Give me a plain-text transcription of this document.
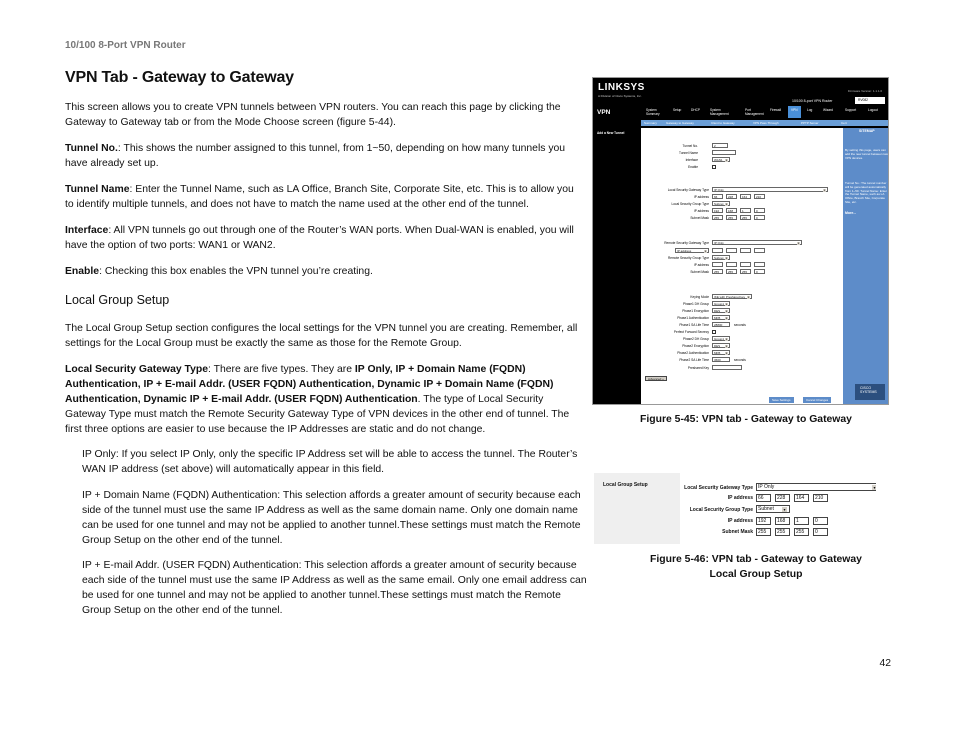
10/100 8-Port VPN Router
VPN Tab - Gateway to Gateway

This screen allows you to create VPN tunnels between VPN routers. You can reach this page by clicking the Gateway to Gateway tab or from the Mode Choose screen (figure 5-44).

Tunnel No.: This shows the number assigned to this tunnel, from 1~50, depending on how many tunnels you have already set up.

Tunnel Name: Enter the Tunnel Name, such as LA Office, Branch Site, Corporate Site, etc. This is to allow you to identify multiple tunnels, and does not have to match the name used at the other end of the tunnel.

Interface: All VPN tunnels go out through one of the Router’s WAN ports. When Dual-WAN is enabled, you will have the option of two ports: WAN1 or WAN2.

Enable: Checking this box enables the VPN tunnel you’re creating.

Local Group Setup

The Local Group Setup section configures the local settings for the VPN tunnel you are creating. Remember, all settings for the Local Group must be exactly the same as those for the Remote Group.

Local Security Gateway Type: There are five types. They are IP Only, IP + Domain Name (FQDN) Authentication, IP + E-mail Addr. (USER FQDN) Authentication, Dynamic IP + Domain Name (FQDN) Authentication, Dynamic IP + E-mail Addr. (USER FQDN) Authentication. The type of Local Security Gateway Type must match the Remote Security Gateway Type of VPN devices in the other end of tunnel. The first three options are easier to use because the IP Addresses are static and do not change.

IP Only: If you select IP Only, only the specific IP Address set will be able to access the tunnel. The Router’s WAN IP address (set above) will automatically appear in this field.

IP + Domain Name (FQDN) Authentication: This selection affords a greater amount of security because each side of the tunnel must use the same IP Address as well as the same domain name. Only one domain name can be used for one tunnel and may not be applied to another tunnel.These settings must match the Remote Group Setup on the other end of the tunnel.

IP + E-mail Addr. (USER FQDN) Authentication: This selection affords a greater amount of security because each side of the tunnel must use the same IP Address as well as the same email. Only one email address can be used for one tunnel and may not be applied to another tunnel.These settings must match the Remote Group Setup on the other end of the tunnel.

LINKSYS
A Division of Cisco Systems, Inc.
Firmware Version: 1.1.1.0
10/100 8-port VPN Router	RV082
VPN	System Summary
Setup	DHCP	System Management
Port Management
Firewall	VPN	Log	Wizard	Support	Logout
Summary	Gateway to Gateway	Client to Gateway	VPN Pass Through	PPTP Server	Cert
Add a New Tunnel	SITEMAP
By setting this page, users can add the new tunnel between two VPN devices.
Tunnel No.: The tunnel number will be generated automatically from 1~50. Tunnel Name: Enter the Tunnel Name, such as LA Office, Branch Site, Corporate Site, etc.
More...
CISCO SYSTEMS
Tunnel No.	2
Tunnel Name
Interface	WAN1	▾
Enable
Local Group Setup
Local Security Gateway Type	IP Only	▾
IP address	66	228	164	210
Local Security Group Type	Subnet ▾
IP address	192	168	1	0
Subnet Mask	255	255	255	0
Remote Group Setup	Remote Security Gateway Type	IP Only	▾
IP address	▾
Remote Security Group Type	Subnet ▾
IP address
Subnet Mask	255	255	255	0
IPSec Setup
Keying Mode	IKE with Preshared key	▾
Phase1 DH Group	Group1 ▾
Phase1 Encryption	DES	▾
Phase1 Authentication	MD5	▾
Phase1 SA Life Time	28800	seconds
Perfect Forward Secrecy
Phase2 DH Group	Group1 ▾
Phase2 Encryption	DES	▾
Phase2 Authentication	MD5	▾
Phase2 SA Life Time	3600	seconds
Preshared Key
Advanced +
Save Settings	Cancel Changes
Figure 5-45: VPN tab - Gateway to Gateway
Local Group Setup	Local Security Gateway Type	IP Only	▾
IP address	66	228	164	210
Local Security Group Type	Subnet	▾
IP address	192	168	1	0
Subnet Mask	255	255	255	0
Figure 5-46: VPN tab - Gateway to Gateway
Local Group Setup
42
